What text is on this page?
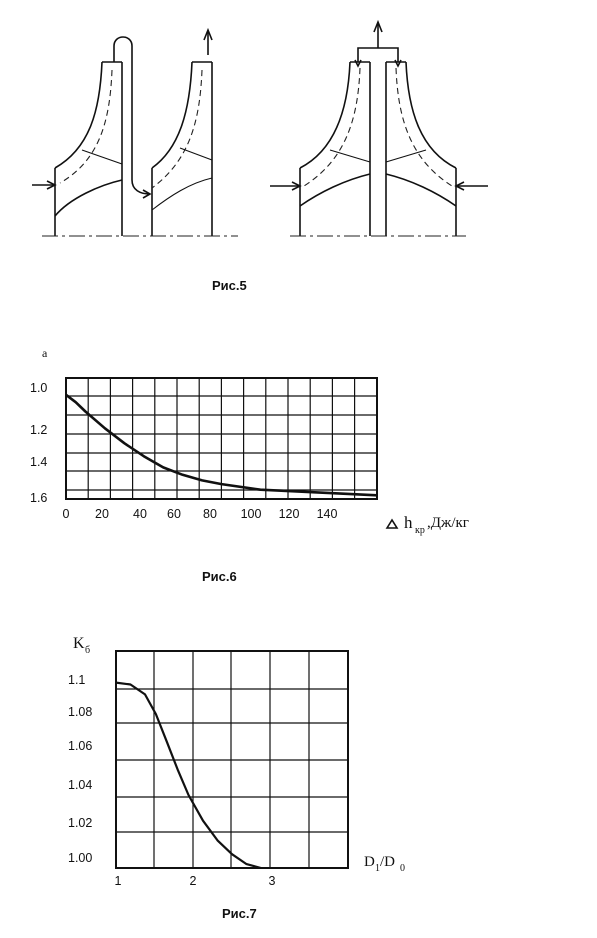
Рис.5
a
0 20 40 60 80 100 120 140
1.0
1.2
1.4
1.6
h кр ,Дж/кг
Рис.6
K б
1	2	3
1.1
1.08
1.06
1.04
1.02
1.00	D 1 /D 0
Рис.7
